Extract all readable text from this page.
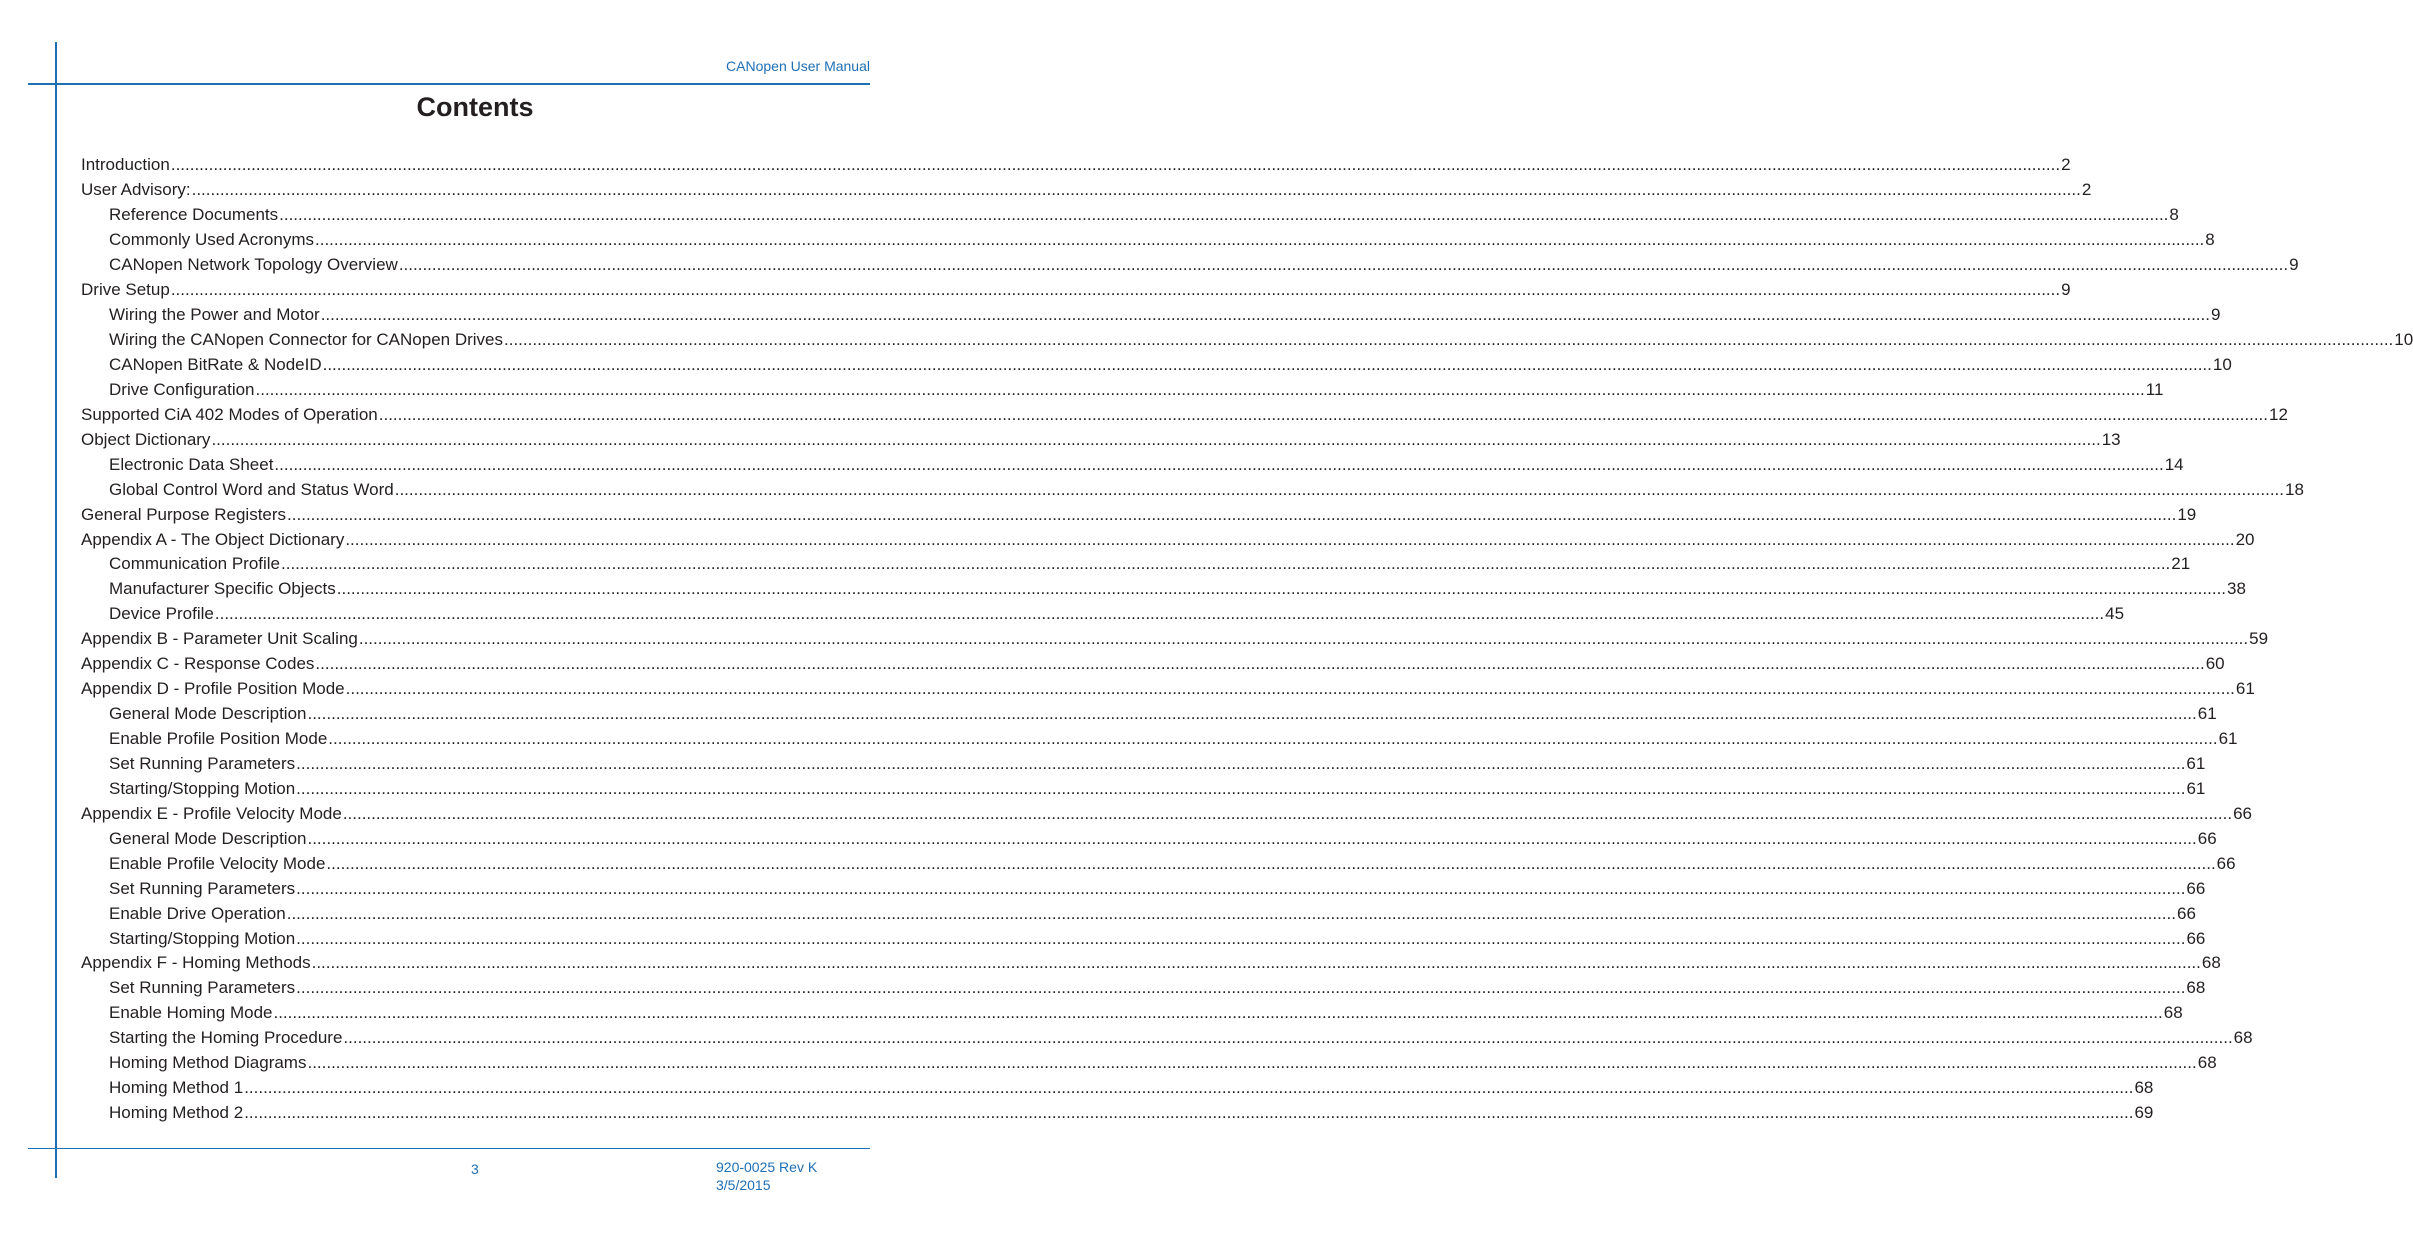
CANopen User Manual
Contents
Introduction ................................................................................................................................................................................................................................................................................................................................................................................................................ 2
User Advisory: ................................................................................................................................................................................................................................................................................................................................................................................................................ 2
Reference Documents ................................................................................................................................................................................................................................................................................................................................................................................................................ 8
Commonly Used Acronyms ................................................................................................................................................................................................................................................................................................................................................................................................................ 8
CANopen Network Topology Overview ................................................................................................................................................................................................................................................................................................................................................................................................................ 9
Drive Setup ................................................................................................................................................................................................................................................................................................................................................................................................................ 9
Wiring the Power and Motor ................................................................................................................................................................................................................................................................................................................................................................................................................ 9
Wiring the CANopen Connector for CANopen Drives ................................................................................................................................................................................................................................................................................................................................................................................................................ 10
CANopen BitRate & NodeID ................................................................................................................................................................................................................................................................................................................................................................................................................ 10
Drive Configuration ................................................................................................................................................................................................................................................................................................................................................................................................................ 11
Supported CiA 402 Modes of Operation ................................................................................................................................................................................................................................................................................................................................................................................................................ 12
Object Dictionary ................................................................................................................................................................................................................................................................................................................................................................................................................ 13
Electronic Data Sheet ................................................................................................................................................................................................................................................................................................................................................................................................................ 14
Global Control Word and Status Word ................................................................................................................................................................................................................................................................................................................................................................................................................ 18
General Purpose Registers ................................................................................................................................................................................................................................................................................................................................................................................................................ 19
Appendix A - The Object Dictionary ................................................................................................................................................................................................................................................................................................................................................................................................................ 20
Communication Profile ................................................................................................................................................................................................................................................................................................................................................................................................................ 21
Manufacturer Specific Objects ................................................................................................................................................................................................................................................................................................................................................................................................................ 38
Device Profile ................................................................................................................................................................................................................................................................................................................................................................................................................ 45
Appendix B - Parameter Unit Scaling ................................................................................................................................................................................................................................................................................................................................................................................................................ 59
Appendix C - Response Codes ................................................................................................................................................................................................................................................................................................................................................................................................................ 60
Appendix D - Profile Position Mode ................................................................................................................................................................................................................................................................................................................................................................................................................ 61
General Mode Description ................................................................................................................................................................................................................................................................................................................................................................................................................ 61
Enable Profile Position Mode ................................................................................................................................................................................................................................................................................................................................................................................................................ 61
Set Running Parameters ................................................................................................................................................................................................................................................................................................................................................................................................................ 61
Starting/Stopping Motion ................................................................................................................................................................................................................................................................................................................................................................................................................ 61
Appendix E - Profile Velocity Mode ................................................................................................................................................................................................................................................................................................................................................................................................................ 66
General Mode Description ................................................................................................................................................................................................................................................................................................................................................................................................................ 66
Enable Profile Velocity Mode ................................................................................................................................................................................................................................................................................................................................................................................................................ 66
Set Running Parameters ................................................................................................................................................................................................................................................................................................................................................................................................................ 66
Enable Drive Operation ................................................................................................................................................................................................................................................................................................................................................................................................................ 66
Starting/Stopping Motion ................................................................................................................................................................................................................................................................................................................................................................................................................ 66
Appendix F - Homing Methods ................................................................................................................................................................................................................................................................................................................................................................................................................ 68
Set Running Parameters ................................................................................................................................................................................................................................................................................................................................................................................................................ 68
Enable Homing Mode ................................................................................................................................................................................................................................................................................................................................................................................................................ 68
Starting the Homing Procedure ................................................................................................................................................................................................................................................................................................................................................................................................................ 68
Homing Method Diagrams ................................................................................................................................................................................................................................................................................................................................................................................................................ 68
Homing Method 1 ................................................................................................................................................................................................................................................................................................................................................................................................................ 68
Homing Method 2 ................................................................................................................................................................................................................................................................................................................................................................................................................ 69
3	920-0025 Rev K
3/5/2015
